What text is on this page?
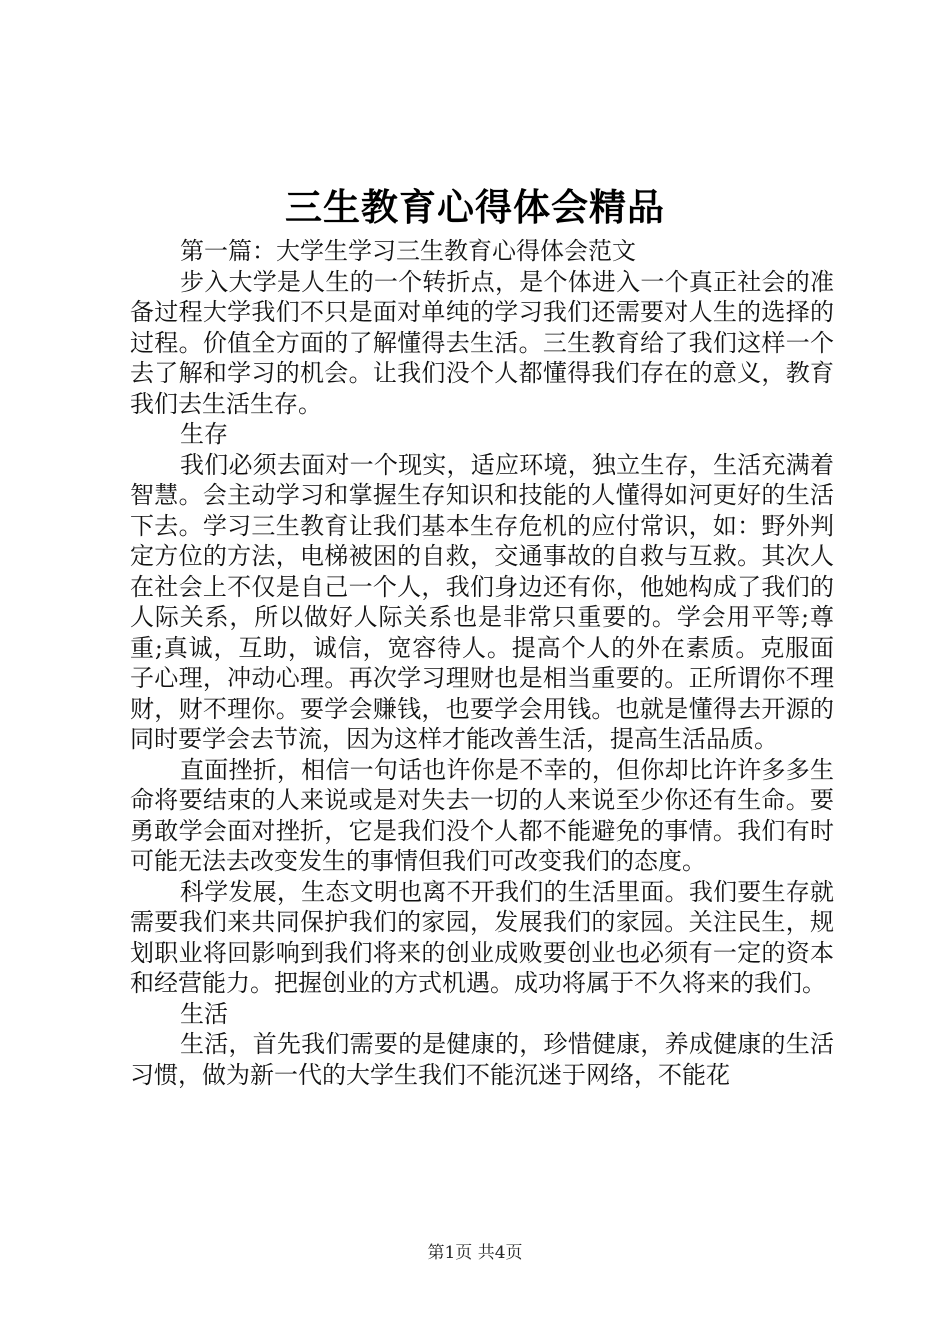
三生教育心得体会精品

第一篇：大学生学习三生教育心得体会范文

步入大学是人生的一个转折点，是个体进入一个真正社会的准备过程大学我们不只是面对单纯的学习我们还需要对人生的选择的过程。价值全方面的了解懂得去生活。三生教育给了我们这样一个去了解和学习的机会。让我们没个人都懂得我们存在的意义，教育我们去生活生存。

生存

我们必须去面对一个现实，适应环境，独立生存，生活充满着智慧。会主动学习和掌握生存知识和技能的人懂得如河更好的生活下去。学习三生教育让我们基本生存危机的应付常识，如：野外判定方位的方法，电梯被困的自救，交通事故的自救与互救。其次人在社会上不仅是自己一个人，我们身边还有你，他她构成了我们的人际关系，所以做好人际关系也是非常只重要的。学会用平等;尊重;真诚，互助，诚信，宽容待人。提高个人的外在素质。克服面子心理，冲动心理。再次学习理财也是相当重要的。正所谓你不理财，财不理你。要学会赚钱，也要学会用钱。也就是懂得去开源的同时要学会去节流，因为这样才能改善生活，提高生活品质。

直面挫折，相信一句话也许你是不幸的，但你却比许许多多生命将要结束的人来说或是对失去一切的人来说至少你还有生命。要勇敢学会面对挫折，它是我们没个人都不能避免的事情。我们有时可能无法去改变发生的事情但我们可改变我们的态度。

科学发展，生态文明也离不开我们的生活里面。我们要生存就需要我们来共同保护我们的家园，发展我们的家园。关注民生，规划职业将回影响到我们将来的创业成败要创业也必须有一定的资本和经营能力。把握创业的方式机遇。成功将属于不久将来的我们。

生活

生活，首先我们需要的是健康的，珍惜健康，养成健康的生活习惯，做为新一代的大学生我们不能沉迷于网络，不能花

第1页 共4页
